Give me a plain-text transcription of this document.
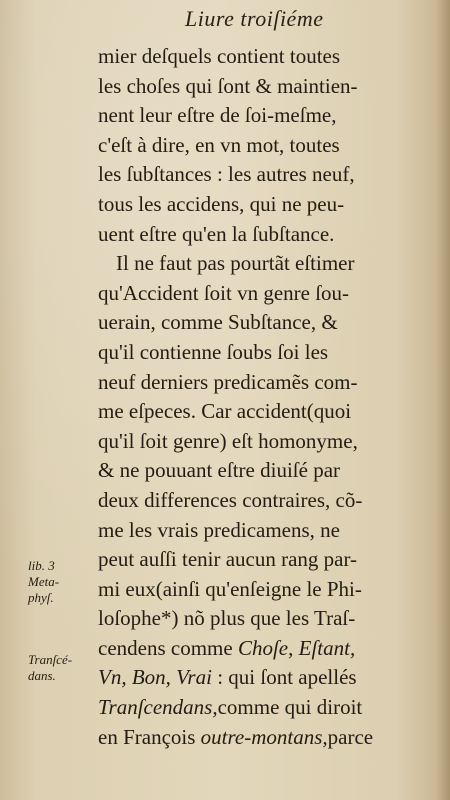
Liure troiſiéme
lib. 3
Meta-
phyſ.
Tranſcé-
dans.
mier deſquels contient toutes
les choſes qui ſont & maintien-
nent leur eſtre de ſoi-meſme,
c'eſt à dire, en vn mot, toutes
les ſubſtances : les autres neuf,
tous les accidens, qui ne peu-
uent eſtre qu'en la ſubſtance.
Il ne faut pas pourtãt eſtimer
qu'Accident ſoit vn genre ſou-
uerain, comme Subſtance, &
qu'il contienne ſoubs ſoi les
neuf derniers predicamẽs com-
me eſpeces. Car accident(quoi
qu'il ſoit genre) eſt homonyme,
& ne pouuant eſtre diuiſé par
deux differences contraires, cõ-
me les vrais predicamens, ne
peut auſſi tenir aucun rang par-
mi eux(ainſi qu'enſeigne le Phi-
loſophe*) nõ plus que les Traſ-
cendens comme Choſe, Eſtant,
Vn, Bon, Vrai : qui ſont apellés
Tranſcendans,comme qui diroit
en François outre-montans,parce
